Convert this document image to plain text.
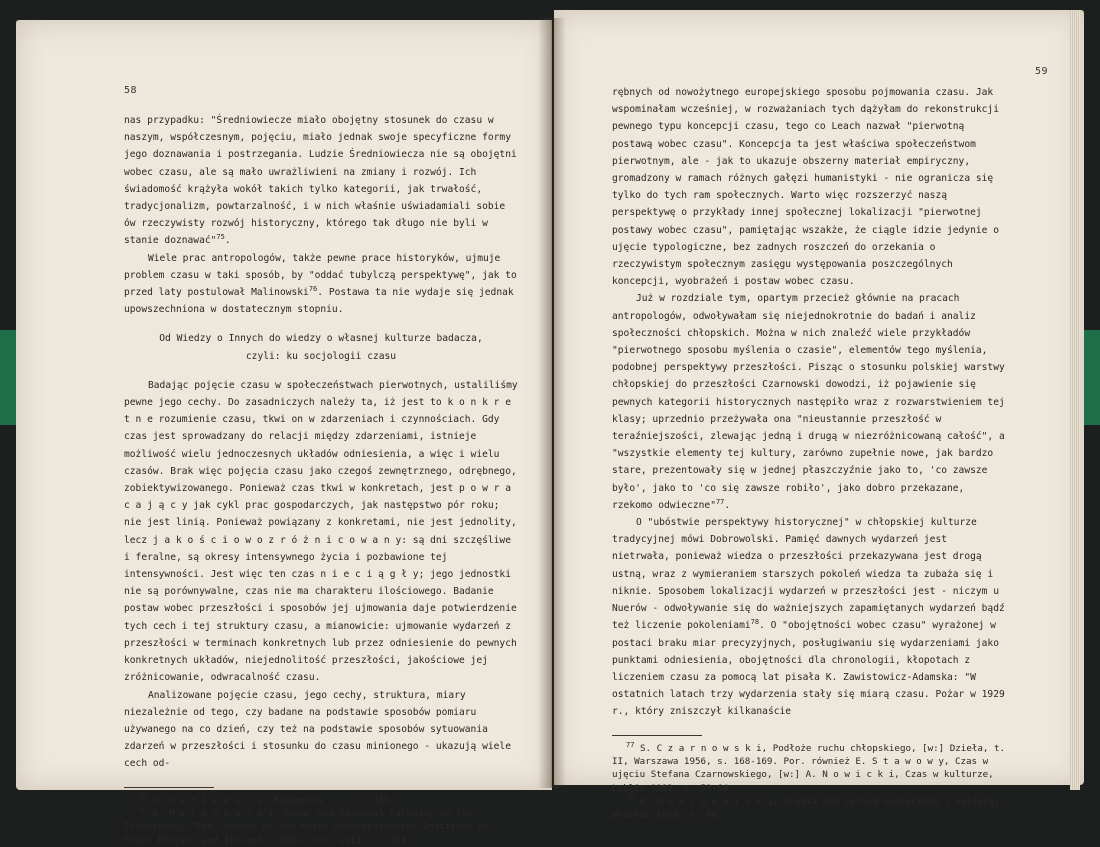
58

nas przypadku: "Średniowiecze miało obojętny stosunek do czasu w naszym, współczesnym, pojęciu, miało jednak swoje specyficzne formy jego doznawania i postrzegania. Ludzie Średniowiecza nie są obojętni wobec czasu, ale są mało uwrażliwieni na zmiany i rozwój. Ich świadomość krążyła wokół takich tylko kategorii, jak trwałość, tradycjonalizm, powtarzalność, i w nich właśnie uświadamiali sobie ów rzeczywisty rozwój historyczny, którego tak długo nie byli w stanie doznawać"$^{75}$.

Wiele prac antropologów, także pewne prace historyków, ujmuje problem czasu w taki sposób, by "oddać tubylczą perspektywę", jak to przed laty postulował Malinowski$^{76}$. Postawa ta nie wydaje się jednak upowszechniona w dostatecznym stopniu.

Od Wiedzy o Innych do wiedzy o własnej kulturze badacza,
czyli: ku socjologii czasu

Badając pojęcie czasu w społeczeństwach pierwotnych, ustaliliśmy pewne jego cechy. Do zasadniczych należy ta, iż jest to k o n k r e t n e rozumienie czasu, tkwi on w zdarzeniach i czynnościach. Gdy czas jest sprowadzany do relacji między zdarzeniami, istnieje możliwość wielu jednoczesnych układów odniesienia, a więc i wielu czasów. Brak więc pojęcia czasu jako czegoś zewnętrznego, odrębnego, zobiektywizowanego. Ponieważ czas tkwi w konkretach, jest p o w r a c a j ą c y jak cykl prac gospodarczych, jak następstwo pór roku; nie jest linią. Ponieważ powiązany z konkretami, nie jest jednolity, lecz j a k o ś c i o w o z r ó ż n i c o w a n y: są dni szczęśliwe i feralne, są okresy intensywnego życia i pozbawione tej intensywności. Jest więc ten czas n i e c i ą g ł y; jego jednostki nie są porównywalne, czas nie ma charakteru ilościowego. Badanie postaw wobec przeszłości i sposobów jej ujmowania daje potwierdzenie tych cech i tej struktury czasu, a mianowicie: ujmowanie wydarzeń z przeszłości w terminach konkretnych lub przez odniesienie do pewnych konkretnych układów, niejednolitość przeszłości, jakościowe jej zróżnicowanie, odwracalność czasu.

Analizowane pojęcie czasu, jego cechy, struktura, miary niezależnie od tego, czy badane na podstawie sposobów pomiaru używanego na co dzień, czy też na podstawie sposobów sytuowania zdarzeń w przeszłości i stosunku do czasu minionego - ukazują wiele cech od-

$^{75}$ A. G u r i e w i c z, Kategorie ..., s. 155.

$^{76}$ B. M a l i n o w s k i, Lunar and Seasonal Calendar in the Trobriands, "The Journal of the Royal Anthropological Institute of Great Britain and Ireland", 1927, vol. LVII, s. 204.

59

rębnych od nowożytnego europejskiego sposobu pojmowania czasu. Jak wspominałam wcześniej, w rozważaniach tych dążyłam do rekonstrukcji pewnego typu koncepcji czasu, tego co Leach nazwał "pierwotną postawą wobec czasu". Koncepcja ta jest właściwa społeczeństwom pierwotnym, ale - jak to ukazuje obszerny materiał empiryczny, gromadzony w ramach różnych gałęzi humanistyki - nie ogranicza się tylko do tych ram społecznych. Warto więc rozszerzyć naszą perspektywę o przykłady innej społecznej lokalizacji "pierwotnej postawy wobec czasu", pamiętając wszakże, że ciągle idzie jedynie o ujęcie typologiczne, bez zadnych roszczeń do orzekania o rzeczywistym społecznym zasięgu występowania poszczególnych koncepcji, wyobrażeń i postaw wobec czasu.

Już w rozdziale tym, opartym przecież głównie na pracach antropologów, odwoływałam się niejednokrotnie do badań i analiz społeczności chłopskich. Można w nich znaleźć wiele przykładów "pierwotnego sposobu myślenia o czasie", elementów tego myślenia, podobnej perspektywy przeszłości. Pisząc o stosunku polskiej warstwy chłopskiej do przeszłości Czarnowski dowodzi, iż pojawienie się pewnych kategorii historycznych następiło wraz z rozwarstwieniem tej klasy; uprzednio przeżywała ona "nieustannie przeszłość w teraźniejszości, zlewając jedną i drugą w niezróżnicowaną całość", a "wszystkie elementy tej kultury, zarówno zupełnie nowe, jak bardzo stare, prezentowały się w jednej płaszczyźnie jako to, 'co zawsze było', jako to 'co się zawsze robiło', jako dobro przekazane, rzekomo odwieczne"$^{77}$.

O "ubóstwie perspektywy historycznej" w chłopskiej kulturze tradycyjnej mówi Dobrowolski. Pamięć dawnych wydarzeń jest nietrwała, ponieważ wiedza o przeszłości przekazywana jest drogą ustną, wraz z wymieraniem starszych pokoleń wiedza ta zubaża się i niknie. Sposobem lokalizacji wydarzeń w przeszłości jest - niczym u Nuerów - odwoływanie się do ważniejszych zapamiętanych wydarzeń bądź też liczenie pokoleniami$^{78}$. O "obojętności wobec czasu" wyrażonej w postaci braku miar precyzyjnych, posługiwaniu się wydarzeniami jako punktami odniesienia, obojętności dla chronologii, kłopotach z liczeniem czasu za pomocą lat pisała K. Zawistowicz-Adamska: "W ostatnich latach trzy wydarzenia stały się miarą czasu. Pożar w 1929 r., który zniszczył kilkanaście

$^{77}$ S. C z a r n o w s k i, Podłoże ruchu chłopskiego, [w:] Dzieła, t. II, Warszawa 1956, s. 168-169. Por. również E. S t a w o w y, Czas w ujęciu Stefana Czarnowskiego, [w:] A. N o w i c k i, Czas w kulturze, Lublin 1983, s. 59-64.

$^{78}$ K. D o b r o w o l s k i, Studia nad życiem społecznym i kulturą, Wrocław 1966, s. 96.
